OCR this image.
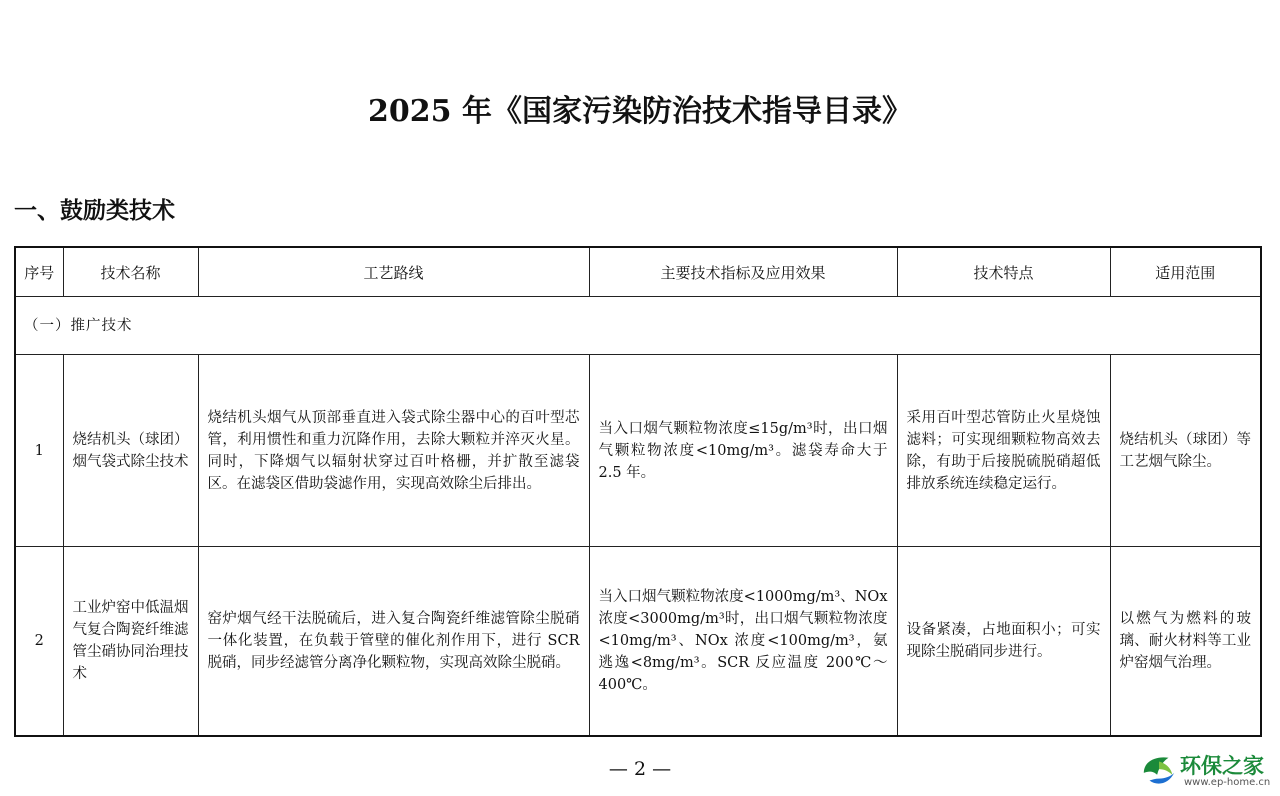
2025 年《国家污染防治技术指导目录》
一、鼓励类技术
序号	技术名称	工艺路线	主要技术指标及应用效果	技术特点	适用范围
（一）推广技术					
1	烧结机头（球团）烟气袋式除尘技术	烧结机头烟气从顶部垂直进入袋式除尘器中心的百叶型芯管，利用惯性和重力沉降作用，去除大颗粒并淬灭火星。同时，下降烟气以辐射状穿过百叶格栅，并扩散至滤袋区。在滤袋区借助袋滤作用，实现高效除尘后排出。	当入口烟气颗粒物浓度≤15g/m³时，出口烟气颗粒物浓度<10mg/m³。滤袋寿命大于 2.5 年。	采用百叶型芯管防止火星烧蚀滤料；可实现细颗粒物高效去除，有助于后接脱硫脱硝超低排放系统连续稳定运行。	烧结机头（球团）等工艺烟气除尘。
2	工业炉窑中低温烟气复合陶瓷纤维滤管尘硝协同治理技术	窑炉烟气经干法脱硫后，进入复合陶瓷纤维滤管除尘脱硝一体化装置，在负载于管壁的催化剂作用下，进行 SCR 脱硝，同步经滤管分离净化颗粒物，实现高效除尘脱硝。	当入口烟气颗粒物浓度<1000mg/m³、NOx 浓度<3000mg/m³时，出口烟气颗粒物浓度<10mg/m³、NOx 浓度<100mg/m³，氨逃逸<8mg/m³。SCR 反应温度 200℃～400℃。	设备紧凑，占地面积小；可实现除尘脱硝同步进行。	以燃气为燃料的玻璃、耐火材料等工业炉窑烟气治理。
— 2 —	环保之家
www.ep-home.cn
